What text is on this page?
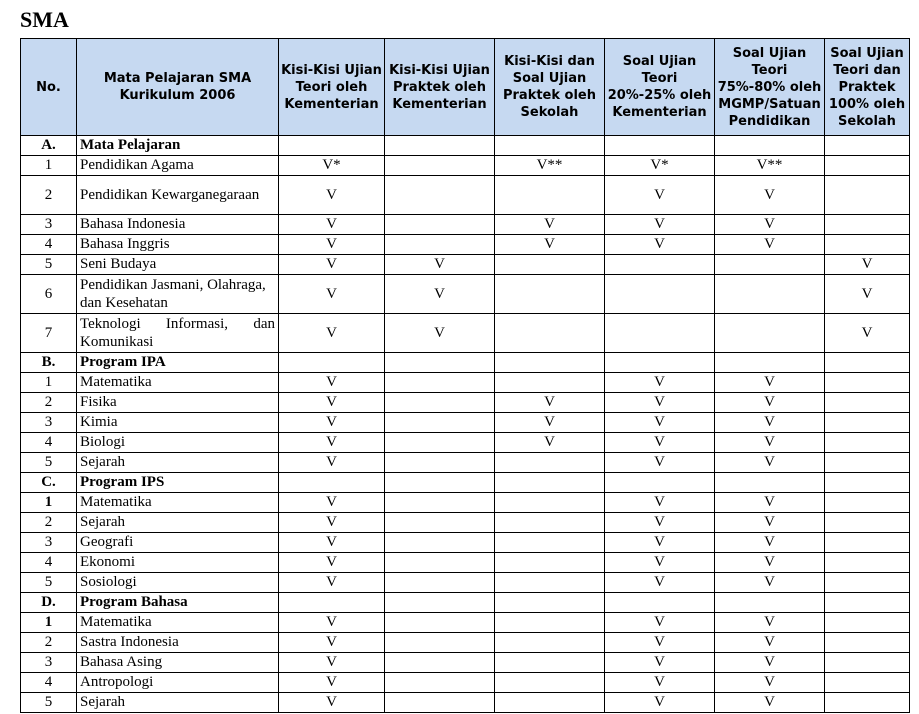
SMA
No.	Mata Pelajaran SMA Kurikulum 2006	Kisi-Kisi Ujian Teori oleh Kementerian	Kisi-Kisi Ujian Praktek oleh Kementerian	Kisi-Kisi dan Soal Ujian Praktek oleh Sekolah	Soal Ujian Teori 20%-25% oleh Kementerian	Soal Ujian Teori 75%-80% oleh MGMP/Satuan Pendidikan	Soal Ujian Teori dan Praktek 100% oleh Sekolah
A.	Mata Pelajaran						
1	Pendidikan Agama	V*		V**	V*	V**	
2	Pendidikan Kewarganegaraan	V			V	V	
3	Bahasa Indonesia	V		V	V	V	
4	Bahasa Inggris	V		V	V	V	
5	Seni Budaya	V	V				V
6	Pendidikan Jasmani, Olahraga, dan Kesehatan	V	V				V
7	Teknologi Informasi, dan Komunikasi	V	V				V
B.	Program IPA						
1	Matematika	V			V	V	
2	Fisika	V		V	V	V	
3	Kimia	V		V	V	V	
4	Biologi	V		V	V	V	
5	Sejarah	V			V	V	
C.	Program IPS						
1	Matematika	V			V	V	
2	Sejarah	V			V	V	
3	Geografi	V			V	V	
4	Ekonomi	V			V	V	
5	Sosiologi	V			V	V	
D.	Program Bahasa						
1	Matematika	V			V	V	
2	Sastra Indonesia	V			V	V	
3	Bahasa Asing	V			V	V	
4	Antropologi	V			V	V	
5	Sejarah	V			V	V	
